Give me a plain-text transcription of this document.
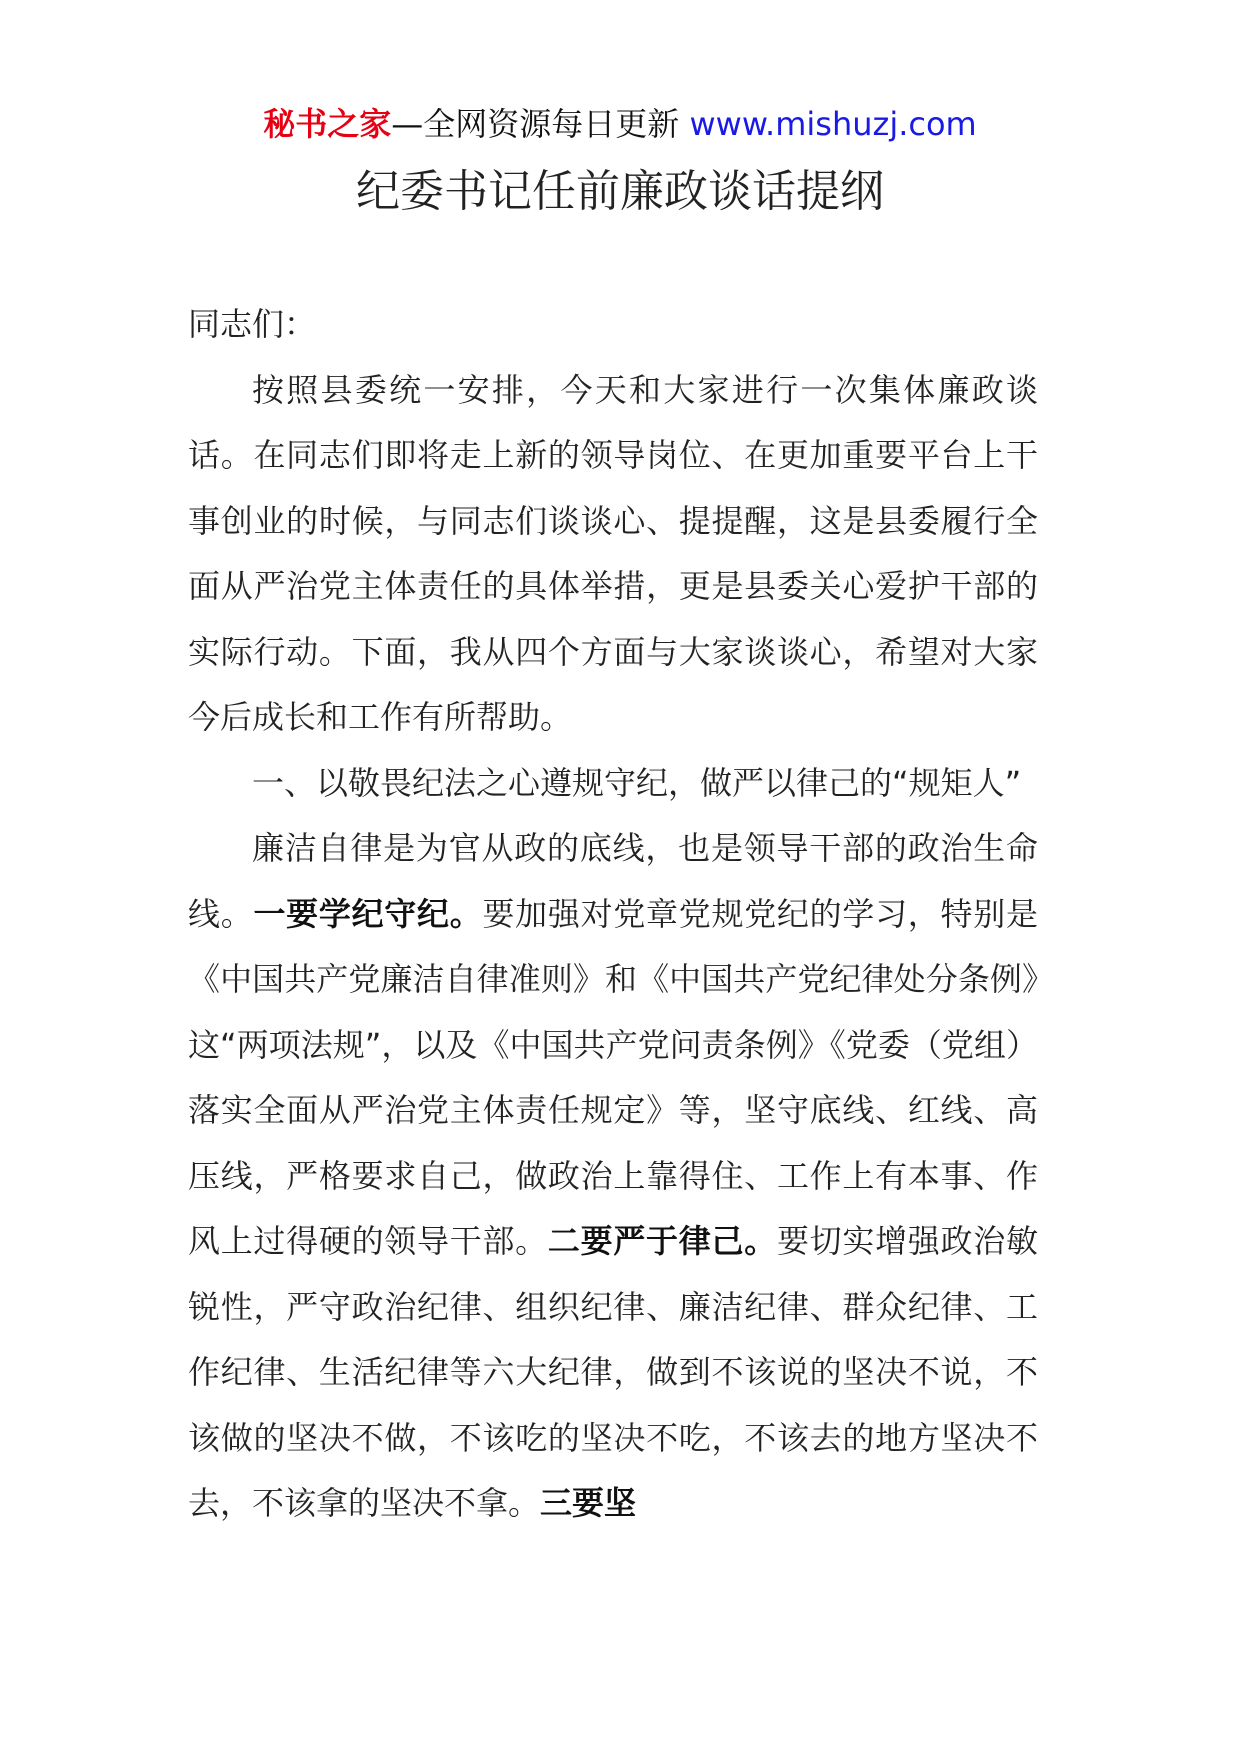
秘书之家—全网资源每日更新 www.mishuzj.com
纪委书记任前廉政谈话提纲

同志们：

按照县委统一安排，今天和大家进行一次集体廉政谈话。在同志们即将走上新的领导岗位、在更加重要平台上干事创业的时候，与同志们谈谈心、提提醒，这是县委履行全面从严治党主体责任的具体举措，更是县委关心爱护干部的实际行动。下面，我从四个方面与大家谈谈心，希望对大家今后成长和工作有所帮助。

一、以敬畏纪法之心遵规守纪，做严以律己的“规矩人”

廉洁自律是为官从政的底线，也是领导干部的政治生命线。一要学纪守纪。要加强对党章党规党纪的学习，特别是《中国共产党廉洁自律准则》和《中国共产党纪律处分条例》这“两项法规”，以及《中国共产党问责条例》《党委（党组）落实全面从严治党主体责任规定》等，坚守底线、红线、高压线，严格要求自己，做政治上靠得住、工作上有本事、作风上过得硬的领导干部。二要严于律己。要切实增强政治敏锐性，严守政治纪律、组织纪律、廉洁纪律、群众纪律、工作纪律、生活纪律等六大纪律，做到不该说的坚决不说，不该做的坚决不做，不该吃的坚决不吃，不该去的地方坚决不去，不该拿的坚决不拿。三要坚
